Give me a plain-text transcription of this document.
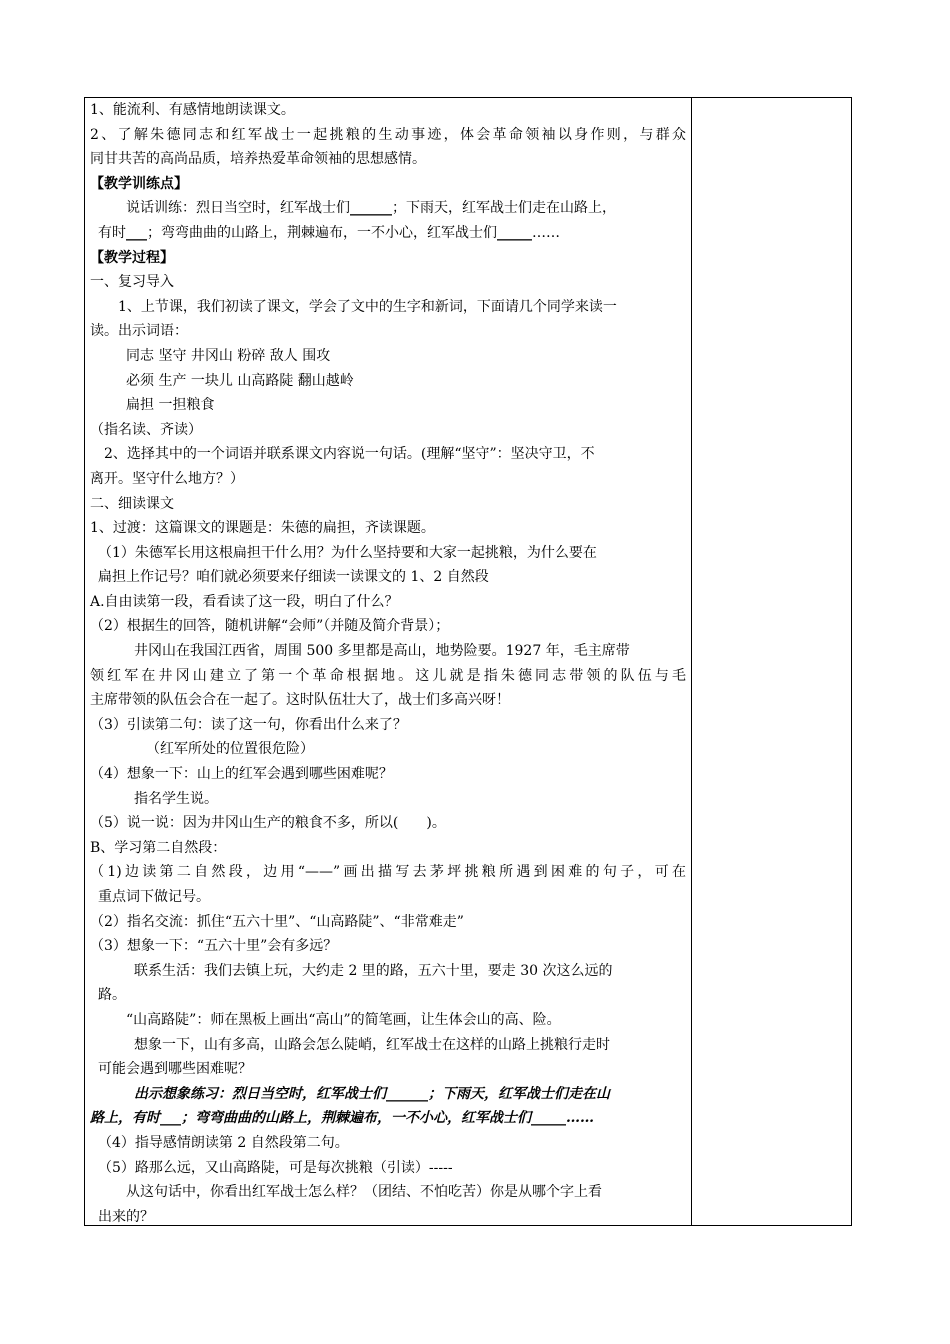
1、能流利、有感情地朗读课文。
2、了解朱德同志和红军战士一起挑粮的生动事迹，体会革命领袖以身作则，与群众
同甘共苦的高尚品质，培养热爱革命领袖的思想感情。
【教学训练点】
说话训练：烈日当空时，红军战士们______；下雨天，红军战士们走在山路上，
有时___；弯弯曲曲的山路上，荆棘遍布，一不小心，红军战士们_____……
【教学过程】
一、复习导入
1、上节课，我们初读了课文，学会了文中的生字和新词，下面请几个同学来读一
读。出示词语：
同志 坚守 井冈山 粉碎 敌人 围攻
必须 生产 一块儿 山高路陡 翻山越岭
扁担 一担粮食
（指名读、齐读）
2、选择其中的一个词语并联系课文内容说一句话。(理解“坚守”：坚决守卫，不
离开。坚守什么地方？）
二、细读课文
1、过渡：这篇课文的课题是：朱德的扁担，齐读课题。
（1）朱德军长用这根扁担干什么用？为什么坚持要和大家一起挑粮，为什么要在
扁担上作记号？咱们就必须要来仔细读一读课文的 1、2 自然段
A.自由读第一段，看看读了这一段，明白了什么？
（2）根据生的回答，随机讲解“会师”（并随及简介背景）；
井冈山在我国江西省，周围 500 多里都是高山，地势险要。1927 年，毛主席带
领红军在井冈山建立了第一个革命根据地。这儿就是指朱德同志带领的队伍与毛
主席带领的队伍会合在一起了。这时队伍壮大了，战士们多高兴呀！
（3）引读第二句：读了这一句，你看出什么来了？
（红军所处的位置很危险）
（4）想象一下：山上的红军会遇到哪些困难呢？
指名学生说。
（5）说一说：因为井冈山生产的粮食不多，所以(　　)。
B、学习第二自然段：
（1)边读第二自然段，边用“——”画出描写去茅坪挑粮所遇到困难的句子，可在
重点词下做记号。
（2）指名交流：抓住“五六十里”、“山高路陡”、“非常难走”
（3）想象一下：“五六十里”会有多远？
联系生活：我们去镇上玩，大约走 2 里的路，五六十里，要走 30 次这么远的
路。
“山高路陡”：师在黑板上画出“高山”的简笔画，让生体会山的高、险。
想象一下，山有多高，山路会怎么陡峭，红军战士在这样的山路上挑粮行走时
可能会遇到哪些困难呢？
出示想象练习：烈日当空时，红军战士们______；下雨天，红军战士们走在山
路上，有时___；弯弯曲曲的山路上，荆棘遍布，一不小心，红军战士们_____……
（4）指导感情朗读第 2 自然段第二句。
（5）路那么远，又山高路陡，可是每次挑粮（引读）-----
从这句话中，你看出红军战士怎么样？（团结、不怕吃苦）你是从哪个字上看
出来的？
